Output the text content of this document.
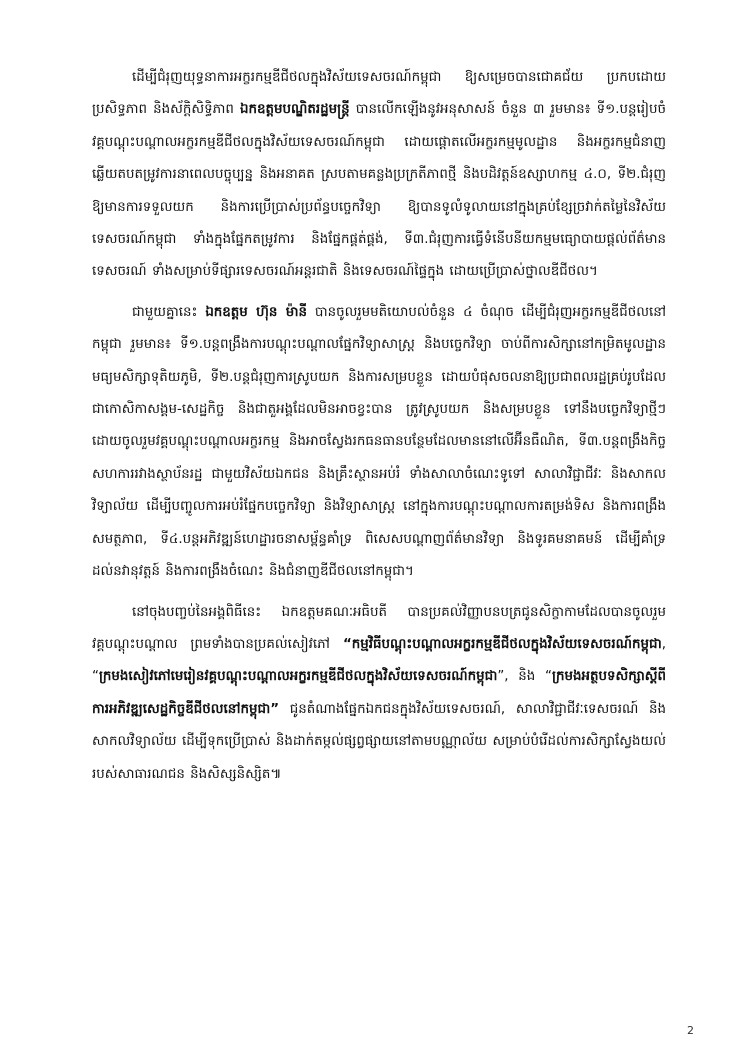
ដើម្បីជំរុញយុទ្ធនាការអក្ខរកម្មឌីជីថលក្នុងវិស័យទេសចរណ៍កម្ពុជា ឱ្យសម្រេចបានជោគជ័យ ប្រកបដោយប្រសិទ្ធភាព និងស័ក្តិសិទ្ធិភាព ឯកឧត្តមបណ្ឌិតរដ្ឋមន្ត្រី បានលើកឡើងនូវអនុសាសន៍ ចំនួន ៣ រួមមាន៖ ទី១.បន្តរៀបចំវគ្គបណ្តុះបណ្តាលអក្ខរកម្មឌីជីថលក្នុងវិស័យទេសចរណ៍កម្ពុជា ដោយផ្តោតលើអក្ខរកម្មមូលដ្ឋាន និងអក្ខរកម្មជំនាញ ឆ្លើយតបតម្រូវការនាពេលបច្ចុប្បន្ន និងអនាគត ស្របតាមគន្លងប្រក្រតីភាពថ្មី និងបដិវត្តន៍ឧស្សាហកម្ម ៤.០, ទី២.ជំរុញឱ្យមានការទទួលយក និងការប្រើប្រាស់ប្រព័ន្ធបច្ចេកវិទ្យា ឱ្យបានទូលំទូលាយនៅក្នុងគ្រប់ខ្សែច្រវាក់តម្លៃនៃវិស័យទេសចរណ៍កម្ពុជា ទាំងក្នុងផ្នែកតម្រូវការ និងផ្នែកផ្គត់ផ្គង់, ទី៣.ជំរុញការធ្វើទំនើបនីយកម្មមធ្យោបាយផ្តល់ព័ត៌មានទេសចរណ៍ ទាំងសម្រាប់ទីផ្សារទេសចរណ៍អន្តរជាតិ និងទេសចរណ៍ផ្ទៃក្នុង ដោយប្រើប្រាស់ថ្នាលឌីជីថល។

ជាមួយគ្នានេះ ឯកឧត្តម ហ៊ុន ម៉ានី បានចូលរួមមតិយោបល់ចំនួន ៤ ចំណុច ដើម្បីជំរុញអក្ខរកម្មឌីជីថលនៅកម្ពុជា រួមមាន៖ ទី១.បន្តពង្រឹងការបណ្តុះបណ្តាលផ្នែកវិទ្យាសាស្ត្រ និងបច្ចេកវិទ្យា ចាប់ពីការសិក្សានៅកម្រិតមូលដ្ឋាន មធ្យមសិក្សាទុតិយភូមិ, ទី២.បន្តជំរុញការស្រូបយក និងការសម្របខ្លួន ដោយបំផុសចលនាឱ្យប្រជាពលរដ្ឋគ្រប់រូបដែលជាកោសិកាសង្គម-សេដ្ឋកិច្ច និងជាតួអង្គដែលមិនអាចខ្វះបាន ត្រូវស្រូបយក និងសម្របខ្លួន ទៅនឹងបច្ចេកវិទ្យាថ្មីៗ ដោយចូលរួមវគ្គបណ្តុះបណ្តាលអក្ខរកម្ម និងអាចស្វែងរកធនធានបន្ថែមដែលមាននៅលើអ៊ីនធឺណិត, ទី៣.បន្តពង្រឹងកិច្ចសហការរវាងស្ថាប័នរដ្ឋ ជាមួយវិស័យឯកជន និងគ្រឹះស្ថានអប់រំ ទាំងសាលាចំណេះទូទៅ សាលាវិជ្ជាជីវៈ និងសាកលវិទ្យាល័យ ដើម្បីបញ្ចូលការអប់រំផ្នែកបច្ចេកវិទ្យា និងវិទ្យាសាស្ត្រ នៅក្នុងការបណ្តុះបណ្តាលការតម្រង់ទិស និងការពង្រឹងសមត្ថភាព, ទី៤.បន្តអភិវឌ្ឍន៍ហេដ្ឋារចនាសម្ព័ន្ធគាំទ្រ ពិសេសបណ្តាញព័ត៌មានវិទ្យា និងទូរគមនាគមន៍ ដើម្បីគាំទ្រដល់នវានុវត្តន៍ និងការពង្រឹងចំណេះ និងជំនាញឌីជីថលនៅកម្ពុជា។

នៅចុងបញ្ចប់នៃអង្គពិធីនេះ ឯកឧត្តមគណៈអធិបតី បានប្រគល់វិញ្ញាបនបត្រជូនសិក្ខាកាមដែលបានចូលរួមវគ្គបណ្តុះបណ្តាល ព្រមទាំងបានប្រគល់សៀវភៅ “កម្មវិធីបណ្តុះបណ្តាលអក្ខរកម្មឌីជីថលក្នុងវិស័យទេសចរណ៍កម្ពុជា, “ក្រមងសៀវភៅមេរៀនវគ្គបណ្តុះបណ្តាលអក្ខរកម្មឌីជីថលក្នុងវិស័យទេសចរណ៍កម្ពុជា”, និង “ក្រមងអត្ថបទសិក្សាស្តីពីការអភិវឌ្ឍសេដ្ឋកិច្ចឌីជីថលនៅកម្ពុជា” ជូនតំណាងផ្នែកឯកជនក្នុងវិស័យទេសចរណ៍, សាលាវិជ្ជាជីវៈទេសចរណ៍ និងសាកលវិទ្យាល័យ ដើម្បីទុកប្រើប្រាស់ និងដាក់តម្កល់ផ្សព្វផ្សាយនៅតាមបណ្ណាល័យ សម្រាប់បំរើដល់ការសិក្សាស្វែងយល់របស់សាធារណជន និងសិស្សនិស្សិត៕

2
